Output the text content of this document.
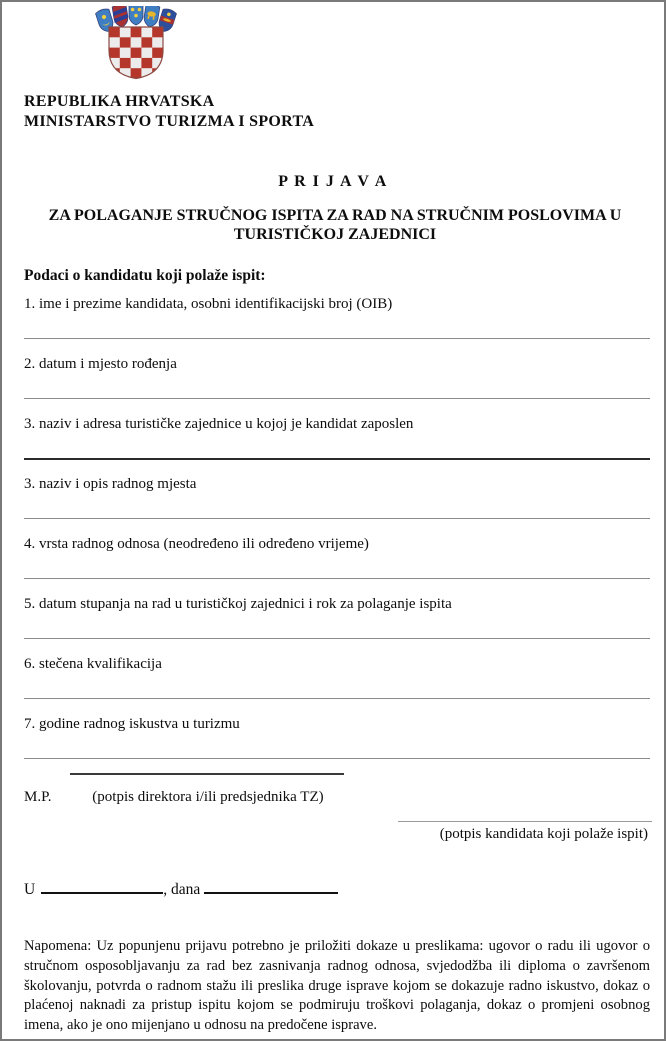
REPUBLIKA HRVATSKA
MINISTARSTVO TURIZMA I SPORTA
P R I J A V A
ZA POLAGANJE STRUČNOG ISPITA ZA RAD NA STRUČNIM POSLOVIMA U TURISTIČKOJ ZAJEDNICI
Podaci o kandidatu koji polaže ispit:
1. ime i prezime kandidata, osobni identifikacijski broj (OIB)
2. datum i mjesto rođenja
3. naziv i adresa turističke zajednice u kojoj je kandidat zaposlen
3. naziv i opis radnog mjesta
4. vrsta radnog odnosa (neodređeno ili određeno vrijeme)
5. datum stupanja na rad u turističkoj zajednici i rok za polaganje ispita
6. stečena kvalifikacija
7. godine radnog iskustva u turizmu
M.P.	(potpis direktora i/ili predsjednika TZ)
(potpis kandidata koji polaže ispit)
U	, dana
Napomena: Uz popunjenu prijavu potrebno je priložiti dokaze u preslikama: ugovor o radu ili ugovor o stručnom osposobljavanju za rad bez zasnivanja radnog odnosa, svjedodžba ili diploma o završenom školovanju, potvrda o radnom stažu ili preslika druge isprave kojom se dokazuje radno iskustvo, dokaz o plaćenoj naknadi za pristup ispitu kojom se podmiruju troškovi polaganja, dokaz o promjeni osobnog imena, ako je ono mijenjano u odnosu na predočene isprave.
